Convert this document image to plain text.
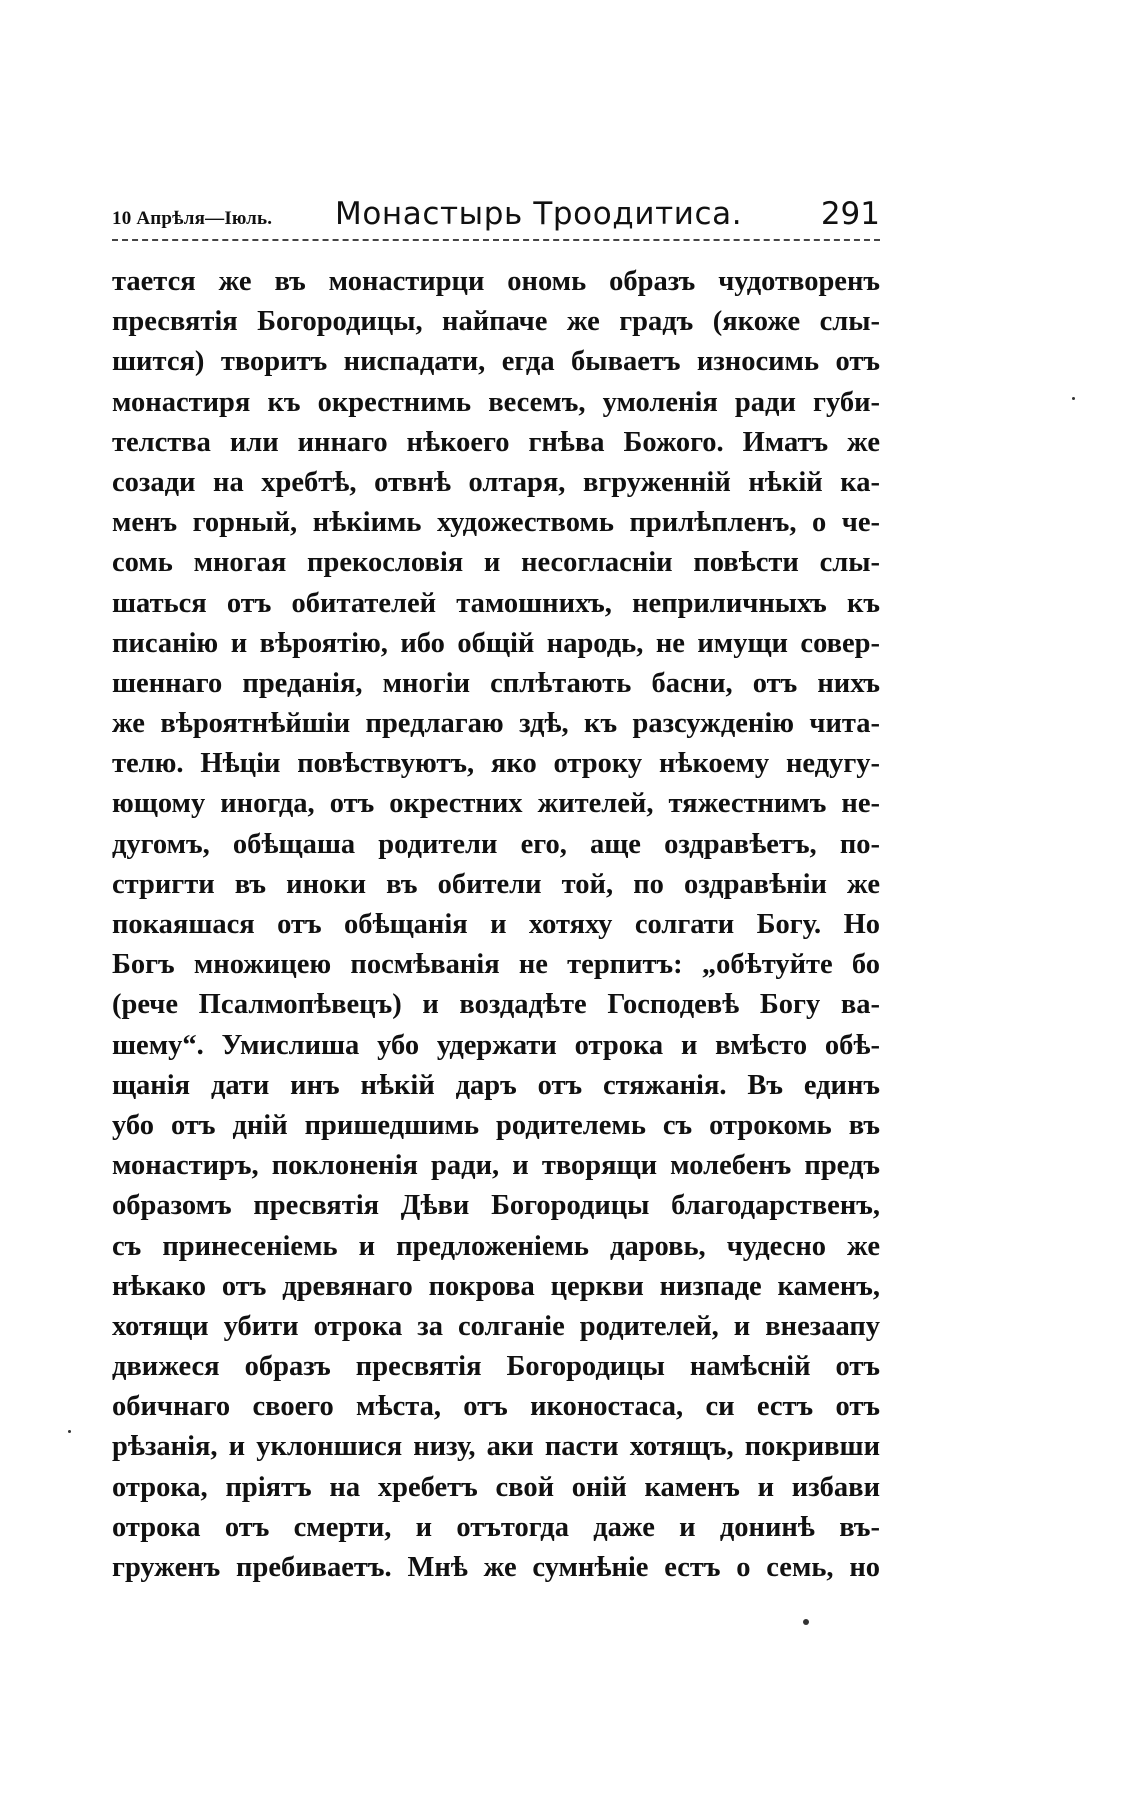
10 Апрѣля—Іюль. Монастырь Троодитиса.	291
тается же въ монастирци ономь образъ чудотворенъ
пресвятія Богородицы, найпаче же градъ (якоже слы-
шится) творитъ ниспадати, егда бываетъ износимь отъ
монастиря къ окрестнимь весемъ, умоленія ради губи-
телства или иннаго нѣкоего гнѣва Божого. Иматъ же
созади на хребтѣ, отвнѣ олтаря, вгруженній нѣкій ка-
менъ горный, нѣкіимь художествомь прилѣпленъ, о че-
сомь многая прекословія и несогласніи повѣсти слы-
шаться отъ обитателей тамошнихъ, неприличныхъ къ
писанію и вѣроятію, ибо общій народь, не имущи совер-
шеннаго преданія, многіи сплѣтають басни, отъ нихъ
же вѣроятнѣйшіи предлагаю здѣ, къ разсужденію чита-
телю. Нѣціи повѣствуютъ, яко отроку нѣкоему недугу-
ющому иногда, отъ окрестних жителей, тяжестнимъ не-
дугомъ, обѣщаша родители его, аще оздравѣетъ, по-
стригти въ иноки въ обители той, по оздравѣніи же
покаяшася отъ обѣщанія и хотяху солгати Богу. Но
Богъ множицею посмѣванія не терпитъ: „обѣтуйте бо
(рече Псалмопѣвецъ) и воздадѣте Господевѣ Богу ва-
шему“. Умислиша убо удержати отрока и вмѣсто обѣ-
щанія дати инъ нѣкій даръ отъ стяжанія. Въ единъ
убо отъ дній пришедшимь родителемь съ отрокомь въ
монастиръ, поклоненія ради, и творящи молебенъ предъ
образомъ пресвятія Дѣви Богородицы благодарственъ,
съ принесеніемь и предложеніемь даровь, чудесно же
нѣкако отъ древянаго покрова церкви низпаде каменъ,
хотящи убити отрока за солганіе родителей, и внезаапу
движеся образъ пресвятія Богородицы намѣсній отъ
обичнаго своего мѣста, отъ иконостаса, си естъ отъ
рѣзанія, и уклоншися низу, аки пасти хотящъ, покривши
отрока, пріятъ на хребетъ свой оній каменъ и избави
отрока отъ смерти, и отътогда даже и донинѣ въ-
груженъ пребиваетъ. Мнѣ же сумнѣніе естъ о семь, но
